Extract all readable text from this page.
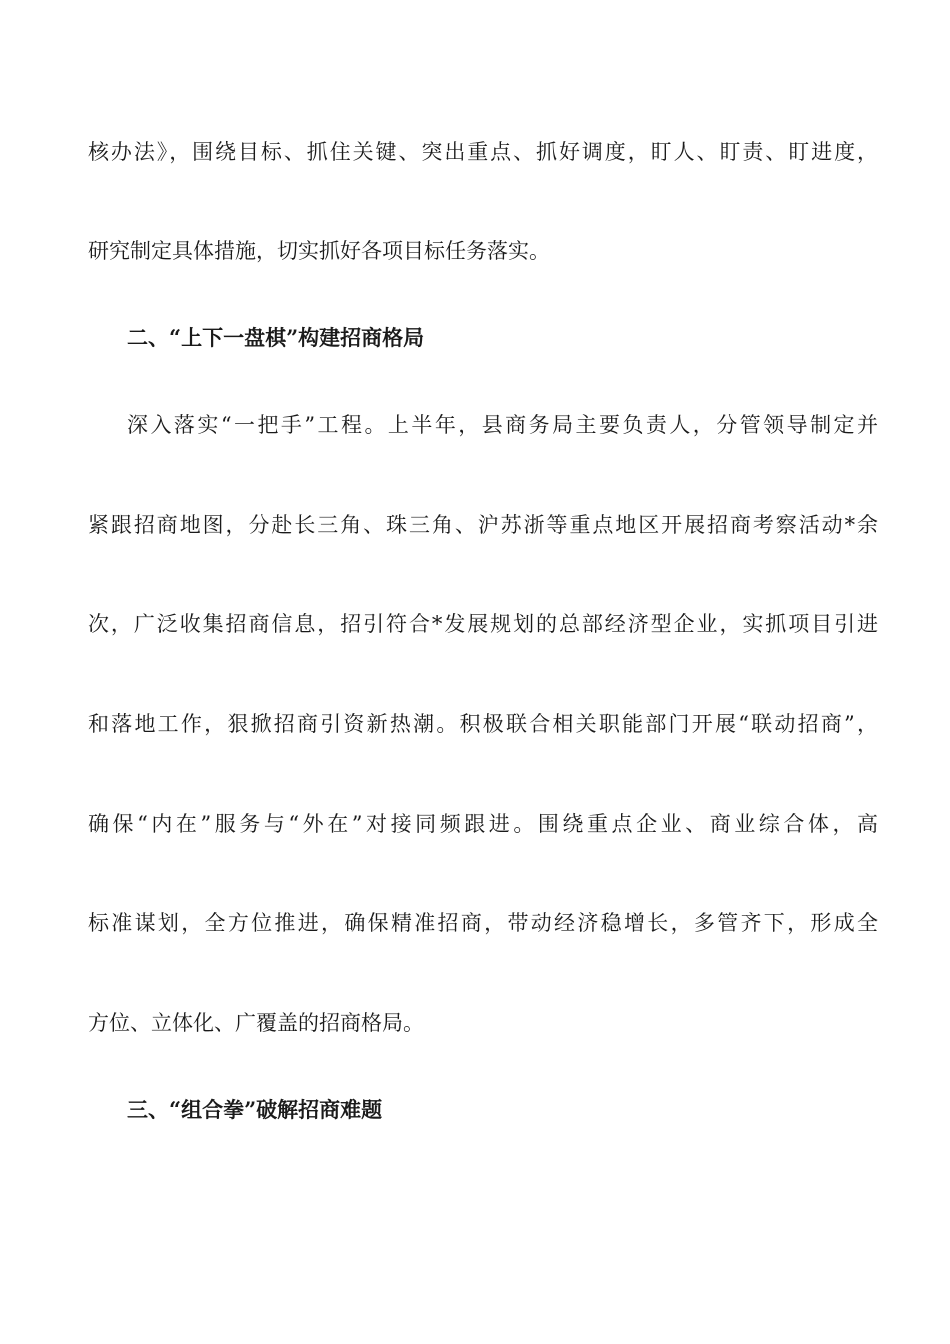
核办法》，围绕目标、抓住关键、突出重点、抓好调度，盯人、盯责、盯进度，
研究制定具体措施，切实抓好各项目标任务落实。
二、“上下一盘棋”构建招商格局
深入落实“一把手”工程。上半年，县商务局主要负责人，分管领导制定并
紧跟招商地图，分赴长三角、珠三角、沪苏浙等重点地区开展招商考察活动*余
次，广泛收集招商信息，招引符合*发展规划的总部经济型企业，实抓项目引进
和落地工作，狠掀招商引资新热潮。积极联合相关职能部门开展“联动招商”，
确保“内在”服务与“外在”对接同频跟进。围绕重点企业、商业综合体，高
标准谋划，全方位推进，确保精准招商，带动经济稳增长，多管齐下，形成全
方位、立体化、广覆盖的招商格局。
三、“组合拳”破解招商难题
